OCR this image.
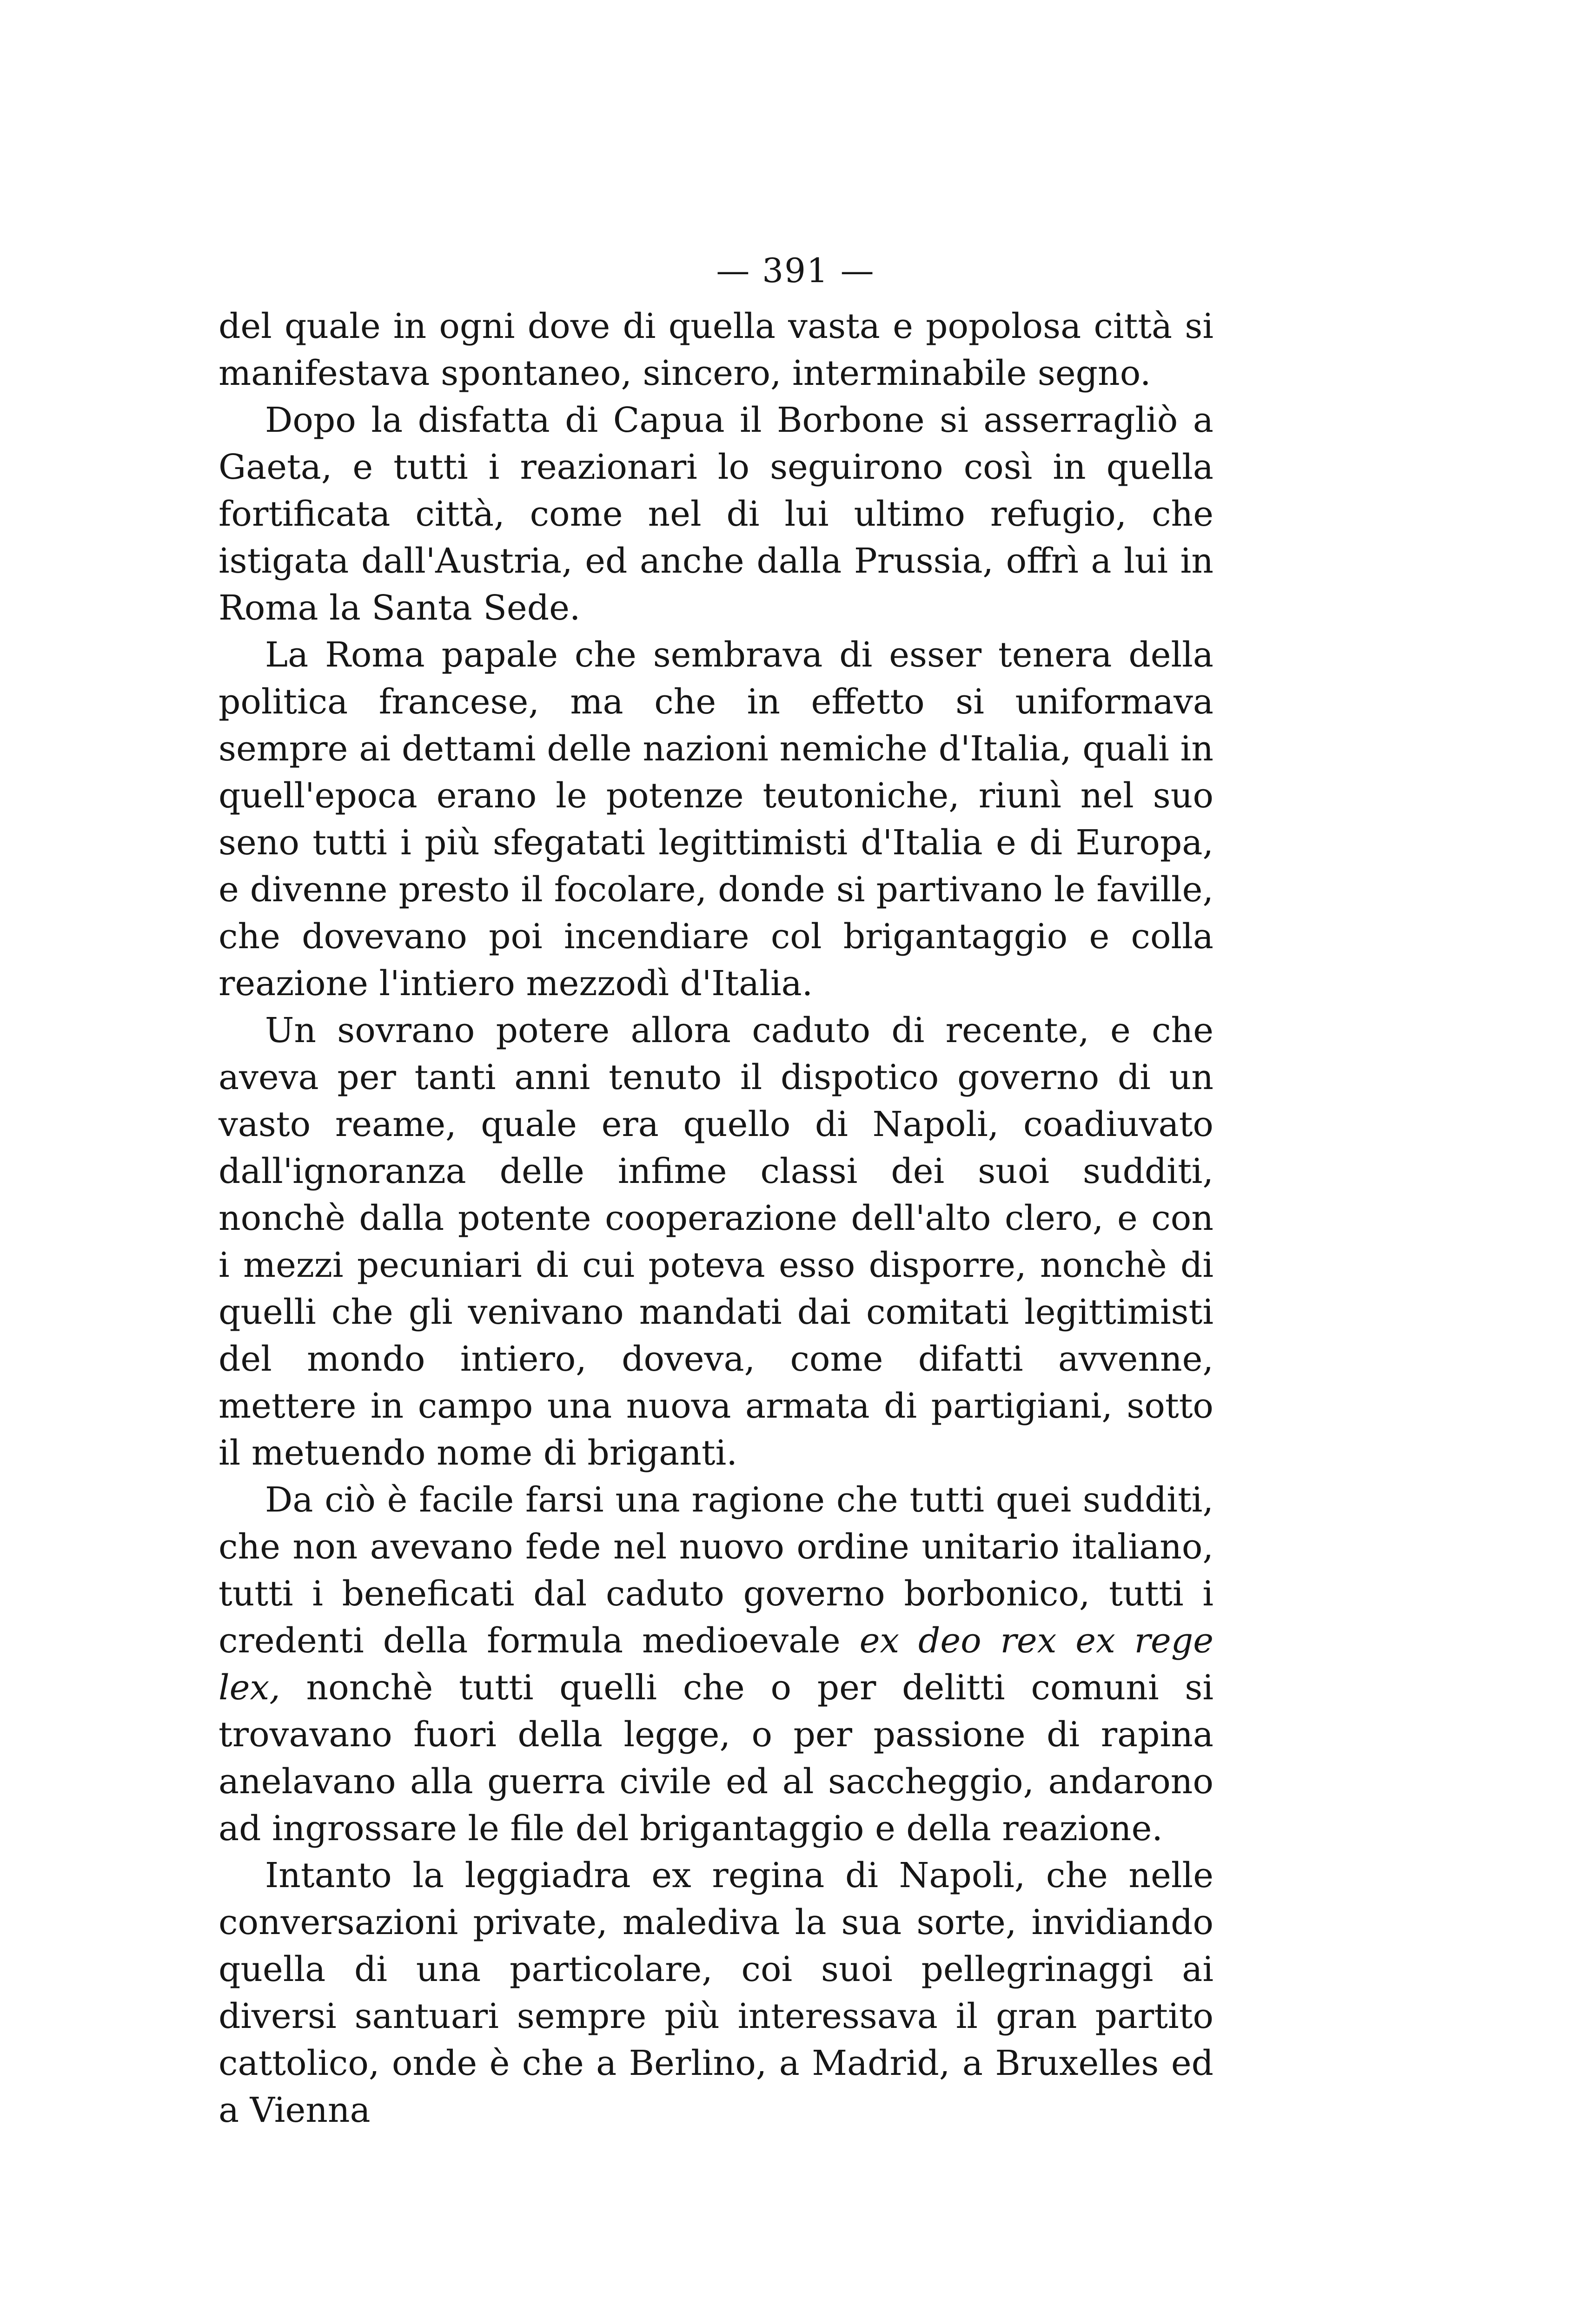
— 391 —

del quale in ogni dove di quella vasta e popolosa città si manifestava spontaneo, sincero, interminabile segno.

Dopo la disfatta di Capua il Borbone si asserragliò a Gaeta, e tutti i reazionari lo seguirono così in quella fortificata città, come nel di lui ultimo refugio, che istigata dall'Austria, ed anche dalla Prussia, offrì a lui in Roma la Santa Sede.

La Roma papale che sembrava di esser tenera della politica francese, ma che in effetto si uniformava sempre ai dettami delle nazioni nemiche d'Italia, quali in quell'epoca erano le potenze teutoniche, riunì nel suo seno tutti i più sfegatati legittimisti d'Italia e di Europa, e divenne presto il focolare, donde si partivano le faville, che dovevano poi incendiare col brigantaggio e colla reazione l'intiero mezzodì d'Italia.

Un sovrano potere allora caduto di recente, e che aveva per tanti anni tenuto il dispotico governo di un vasto reame, quale era quello di Napoli, coadiuvato dall'ignoranza delle infime classi dei suoi sudditi, nonchè dalla potente cooperazione dell'alto clero, e con i mezzi pecuniari di cui poteva esso disporre, nonchè di quelli che gli venivano mandati dai comitati legittimisti del mondo intiero, doveva, come difatti avvenne, mettere in campo una nuova armata di partigiani, sotto il metuendo nome di briganti.

Da ciò è facile farsi una ragione che tutti quei sudditi, che non avevano fede nel nuovo ordine unitario italiano, tutti i beneficati dal caduto governo borbonico, tutti i credenti della formula medioevale ex deo rex ex rege lex, nonchè tutti quelli che o per delitti comuni si trovavano fuori della legge, o per passione di rapina anelavano alla guerra civile ed al saccheggio, andarono ad ingrossare le file del brigantaggio e della reazione.

Intanto la leggiadra ex regina di Napoli, che nelle conversazioni private, malediva la sua sorte, invidiando quella di una particolare, coi suoi pellegrinaggi ai diversi santuari sempre più interessava il gran partito cattolico, onde è che a Berlino, a Madrid, a Bruxelles ed a Vienna
